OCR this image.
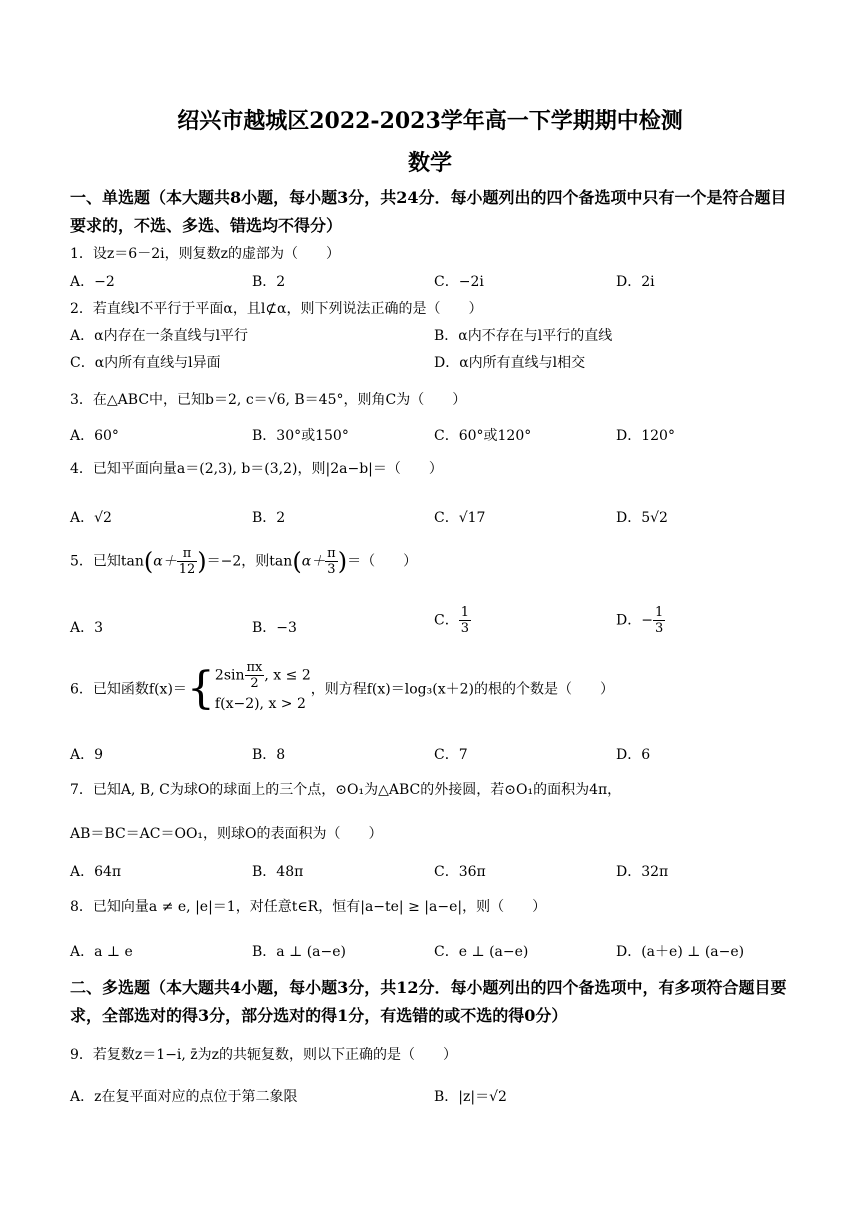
绍兴市越城区2022-2023学年高一下学期期中检测
数学
一、单选题（本大题共8小题，每小题3分，共24分．每小题列出的四个备选项中只有一个是符合题目要求的，不选、多选、错选均不得分）
1．设z＝6－2i，则复数z的虚部为（　　）
A．−2	B．2	C．−2i	D．2i
2．若直线l不平行于平面α，且l⊄α，则下列说法正确的是（　　）
A．α内存在一条直线与l平行	B．α内不存在与l平行的直线
C．α内所有直线与l异面	D．α内所有直线与l相交
3．在△ABC中，已知b＝2, c＝√6, B＝45°，则角C为（　　）
A．60°	B．30°或150°	C．60°或120°	D．120°
4．已知平面向量a＝(2,3), b＝(3,2)，则|2a−b|＝（　　）
A．√2	B．2	C．√17	D．5√2
5．已知$\tan(\alpha+ \frac{\pi}{12} )=-2$，则$\tan(\alpha+ \frac{\pi}{3}$ )＝（　　）
A．3	B．−3	C． $\frac{1}{3}$	D．− $\frac{1}{3}$
6．已知函数f(x)＝{ $2\sin \frac{\pi x}{2}$ , x ≤ 2
f(x−2), x > 2
，则方程f(x)＝log₃(x＋2)的根的个数是（　　）
A．9	B．8	C．7	D．6
7．已知A, B, C为球O的球面上的三个点，⊙O₁为△ABC的外接圆，若⊙O₁的面积为4π，
AB＝BC＝AC＝OO₁，则球O的表面积为（　　）
A．64π	B．48π	C．36π	D．32π
8．已知向量a ≠ e, |e|＝1，对任意t∈R，恒有|a−te| ≥ |a−e|，则（　　）
A．a ⊥ e	B．a ⊥ (a−e)	C．e ⊥ (a−e)	D．(a＋e) ⊥ (a−e)
二、多选题（本大题共4小题，每小题3分，共12分．每小题列出的四个备选项中，有多项符合题目要求，全部选对的得3分，部分选对的得1分，有选错的或不选的得0分）
9．若复数z＝1−i, z̄为z的共轭复数，则以下正确的是（　　）
A．z在复平面对应的点位于第二象限	B．|z|＝√2
